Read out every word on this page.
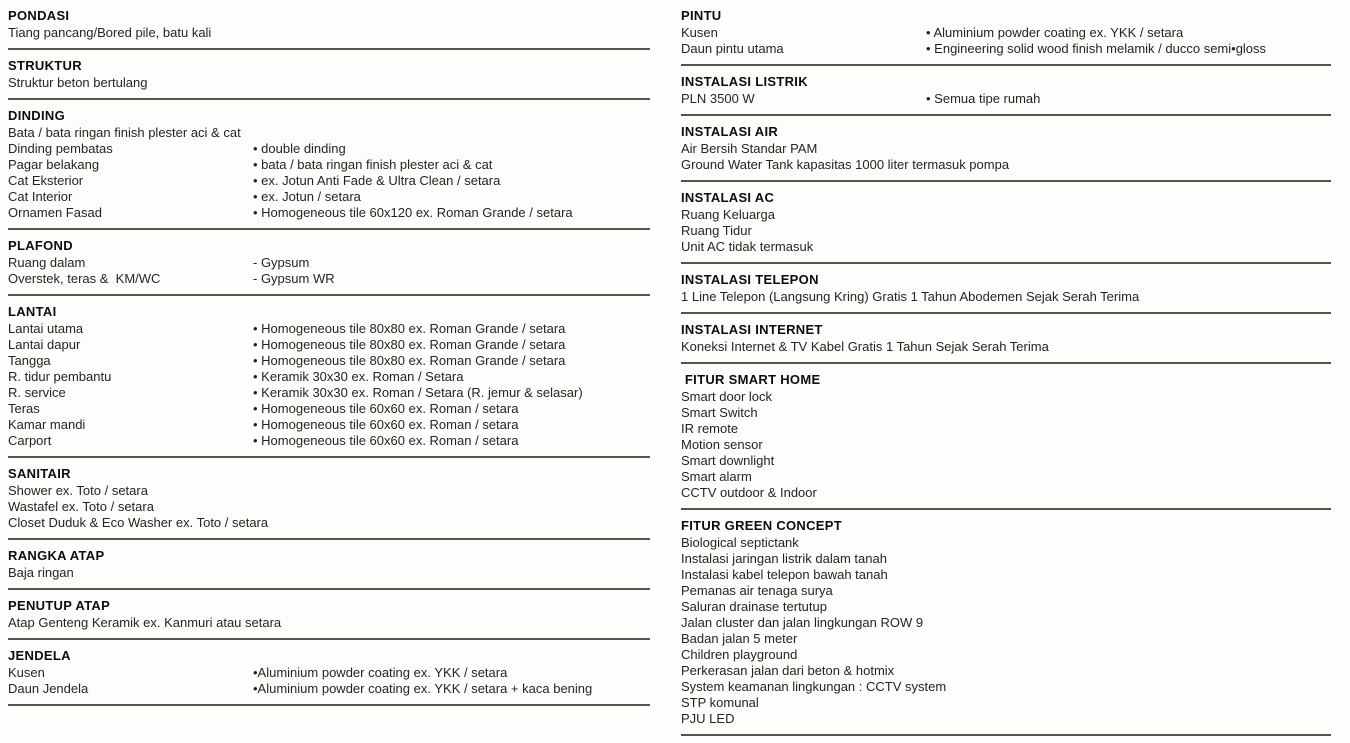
PONDASI
Tiang pancang/Bored pile, batu kali
STRUKTUR
Struktur beton bertulang
DINDING
Bata / bata ringan finish plester aci & cat
Dinding pembatas	• double dinding
Pagar belakang	• bata / bata ringan finish plester aci & cat
Cat Eksterior	• ex. Jotun Anti Fade & Ultra Clean / setara
Cat Interior	• ex. Jotun / setara
Ornamen Fasad	• Homogeneous tile 60x120 ex. Roman Grande / setara
PLAFOND
Ruang dalam	- Gypsum
Overstek, teras &  KM/WC	- Gypsum WR
LANTAI
Lantai utama	• Homogeneous tile 80x80 ex. Roman Grande / setara
Lantai dapur	• Homogeneous tile 80x80 ex. Roman Grande / setara
Tangga	• Homogeneous tile 80x80 ex. Roman Grande / setara
R. tidur pembantu	• Keramik 30x30 ex. Roman / Setara
R. service	• Keramik 30x30 ex. Roman / Setara (R. jemur & selasar)
Teras	• Homogeneous tile 60x60 ex. Roman / setara
Kamar mandi	• Homogeneous tile 60x60 ex. Roman / setara
Carport	• Homogeneous tile 60x60 ex. Roman / setara
SANITAIR
Shower ex. Toto / setara
Wastafel ex. Toto / setara
Closet Duduk & Eco Washer ex. Toto / setara
RANGKA ATAP
Baja ringan
PENUTUP ATAP
Atap Genteng Keramik ex. Kanmuri atau setara
JENDELA
Kusen	•Aluminium powder coating ex. YKK / setara
Daun Jendela	•Aluminium powder coating ex. YKK / setara + kaca bening
PINTU
Kusen	• Aluminium powder coating ex. YKK / setara
Daun pintu utama	• Engineering solid wood finish melamik / ducco semi•gloss
INSTALASI LISTRIK
PLN 3500 W	• Semua tipe rumah
INSTALASI AIR
Air Bersih Standar PAM
Ground Water Tank kapasitas 1000 liter termasuk pompa
INSTALASI AC
Ruang Keluarga
Ruang Tidur
Unit AC tidak termasuk
INSTALASI TELEPON
1 Line Telepon (Langsung Kring) Gratis 1 Tahun Abodemen Sejak Serah Terima
INSTALASI INTERNET
Koneksi Internet & TV Kabel Gratis 1 Tahun Sejak Serah Terima
FITUR SMART HOME
Smart door lock
Smart Switch
IR remote
Motion sensor
Smart downlight
Smart alarm
CCTV outdoor & Indoor
FITUR GREEN CONCEPT
Biological septictank
Instalasi jaringan listrik dalam tanah
Instalasi kabel telepon bawah tanah
Pemanas air tenaga surya
Saluran drainase tertutup
Jalan cluster dan jalan lingkungan ROW 9
Badan jalan 5 meter
Children playground
Perkerasan jalan dari beton & hotmix
System keamanan lingkungan : CCTV system
STP komunal
PJU LED
